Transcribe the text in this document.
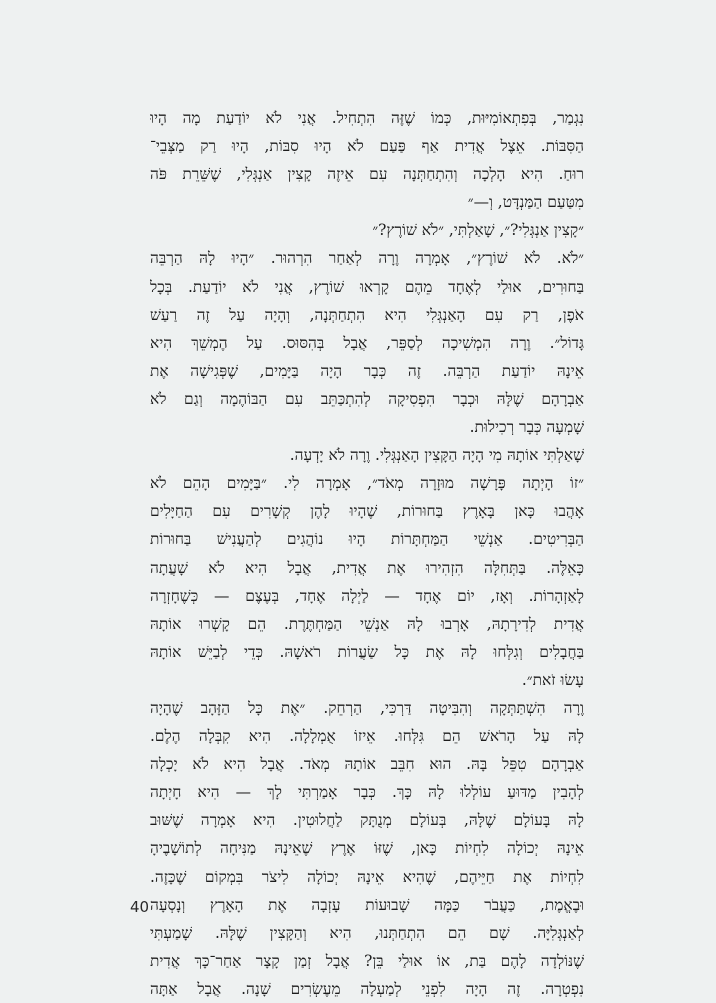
נִגְמַר, בְּפִתְאוֹמִיּוּת, כְּמוֹ שֶׁזֶּה הִתְחִיל. אֲנִי לֹא יוֹדַעַת מָה הָיוּ
הַסִּבּוֹת. אֵצֶל אֲדִית אַף פַּעַם לֹא הָיוּ סִבּוֹת, הָיוּ רַק מַצְּבֵי־
רוּחַ. הִיא הָלְכָה וְהִתְחַתְּנָה עִם אֵיזֶה קָצִין אַנְגְּלִי, שֶׁשֵּׁרֵת פֹּה
מִטַּעַם הַמַּנְדָּט, וְ—״
״קָצִין אַנְגְּלִי?״, שָׁאַלְתִּי, ״לֹא שׁוֹרֶץ?״
״לֹא. לֹא שׁוֹרֶץ״, אָמְרָה וֶרָה לְאַחַר הִרְהוּר. ״הָיוּ לָהּ הַרְבֵּה
בַּחוּרִים, אוּלַי לְאֶחָד מֵהֶם קָרְאוּ שׁוֹרֶץ, אֲנִי לֹא יוֹדַעַת. בְּכָל
אֹפֶן, רַק עִם הָאַנְגְּלִי הִיא הִתְחַתְּנָה, וְהָיָה עַל זֶה רַעַשׁ
גָּדוֹל״. וֶרָה הִמְשִׁיכָה לְסַפֵּר, אֲבָל בְּהִסּוּס. עַל הֶמְשֵׁךְ הִיא
אֵינָהּ יוֹדַעַת הַרְבֵּה. זֶה כְּבָר הָיָה בַּיָּמִים, שֶׁפְּגִישָׁה אֶת
אַבְרָהָם שֶׁלָּהּ וּכְבָר הִפְסִיקָה לְהִתְכַּתֵּב עִם הַבּוֹהֶמָה וְגַם לֹא
שָׁמְעָה כְּבָר רְכִילוּת.
שָׁאַלְתִּי אוֹתָהּ מִי הָיָה הַקָּצִין הָאַנְגְּלִי. וֶרָה לֹא יָדְעָה.
״זוֹ הָיְתָה פָּרָשָׁה מוּזָרָה מְאֹד״, אָמְרָה לִי. ״בַּיָּמִים הָהֵם לֹא
אָהֲבוּ כָּאן בָּאָרֶץ בַּחוּרוֹת, שֶׁהָיוּ לָהֶן קְשָׁרִים עִם הַחַיָּלִים
הַבְּרִיטִים. אַנְשֵׁי הַמַּחְתָּרוֹת הָיוּ נוֹהֲגִים לְהַעֲנִישׁ בַּחוּרוֹת
כָּאֵלֶּה. בַּתְּחִלָּה הִזְהִירוּ אֶת אֲדִית, אֲבָל הִיא לֹא שָׁעֲתָה
לָאַזְהָרוֹת. וְאָז, יוֹם אֶחָד — לַיְלָה אֶחָד, בְּעֶצֶם — כְּשֶׁחָזְרָה
אֲדִית לְדִירָתָהּ, אָרְבוּ לָהּ אַנְשֵׁי הַמַּחְתֶּרֶת. הֵם קָשְׁרוּ אוֹתָהּ
בַּחֲבָלִים וְגִלְּחוּ לָהּ אֶת כָּל שַׂעֲרוֹת רֹאשָׁהּ. כְּדֵי לְבַיֵּשׁ אוֹתָהּ
עָשׂוּ זֹאת״.
וֶרָה הִשְׁתַּתְּקָה וְהִבִּיטָה דַּרְכִּי, הַרְחֵק. ״אֶת כָּל הַזָּהָב שֶׁהָיָה
לָהּ עַל הָרֹאשׁ הֵם גִּלְּחוּ. אֵיזוֹ אֻמְלָלָה. הִיא קִבְּלָה הֶלֶם.
אַבְרָהָם טִפֵּל בָּהּ. הוּא חִבֵּב אוֹתָהּ מְאֹד. אֲבָל הִיא לֹא יָכְלָה
לְהָבִין מַדּוּעַ עוֹלְלוּ לָהּ כָּךְ. כְּבָר אָמַרְתִּי לָךְ — הִיא חָיְתָה
לָהּ בָּעוֹלָם שֶׁלָּהּ, בְּעוֹלָם מְנֻתָּק לַחֲלוּטִין. הִיא אָמְרָה שֶׁשּׁוּב
אֵינָהּ יְכוֹלָה לִחְיוֹת כָּאן, שֶׁזּוֹ אֶרֶץ שֶׁאֵינָהּ מַנִּיחָה לְתוֹשָׁבֶיהָ
לִחְיוֹת אֶת חַיֵּיהֶם, שֶׁהִיא אֵינָהּ יְכוֹלָה לִיצֹר בִּמְקוֹם שֶׁכָּזֶה.
וּבֶאֱמֶת, כַּעֲבֹר כַּמָּה שָׁבוּעוֹת עָזְבָה אֶת הָאָרֶץ וְנָסְעָה
לְאַנְגְּלִיָּה. שָׁם הֵם הִתְחַתְּנוּ, הִיא וְהַקָּצִין שֶׁלָּהּ. שָׁמַעְתִּי
שֶׁנּוֹלְדָה לָהֶם בַּת, אוֹ אוּלַי בֵּן? אֲבָל זְמַן קָצָר אַחַר־כָּךְ אֲדִית
נִפְטְרָה. זֶה הָיָה לִפְנֵי לְמַעְלָה מֵעֶשְׂרִים שָׁנָה. אֲבָל אַתָּה
40
